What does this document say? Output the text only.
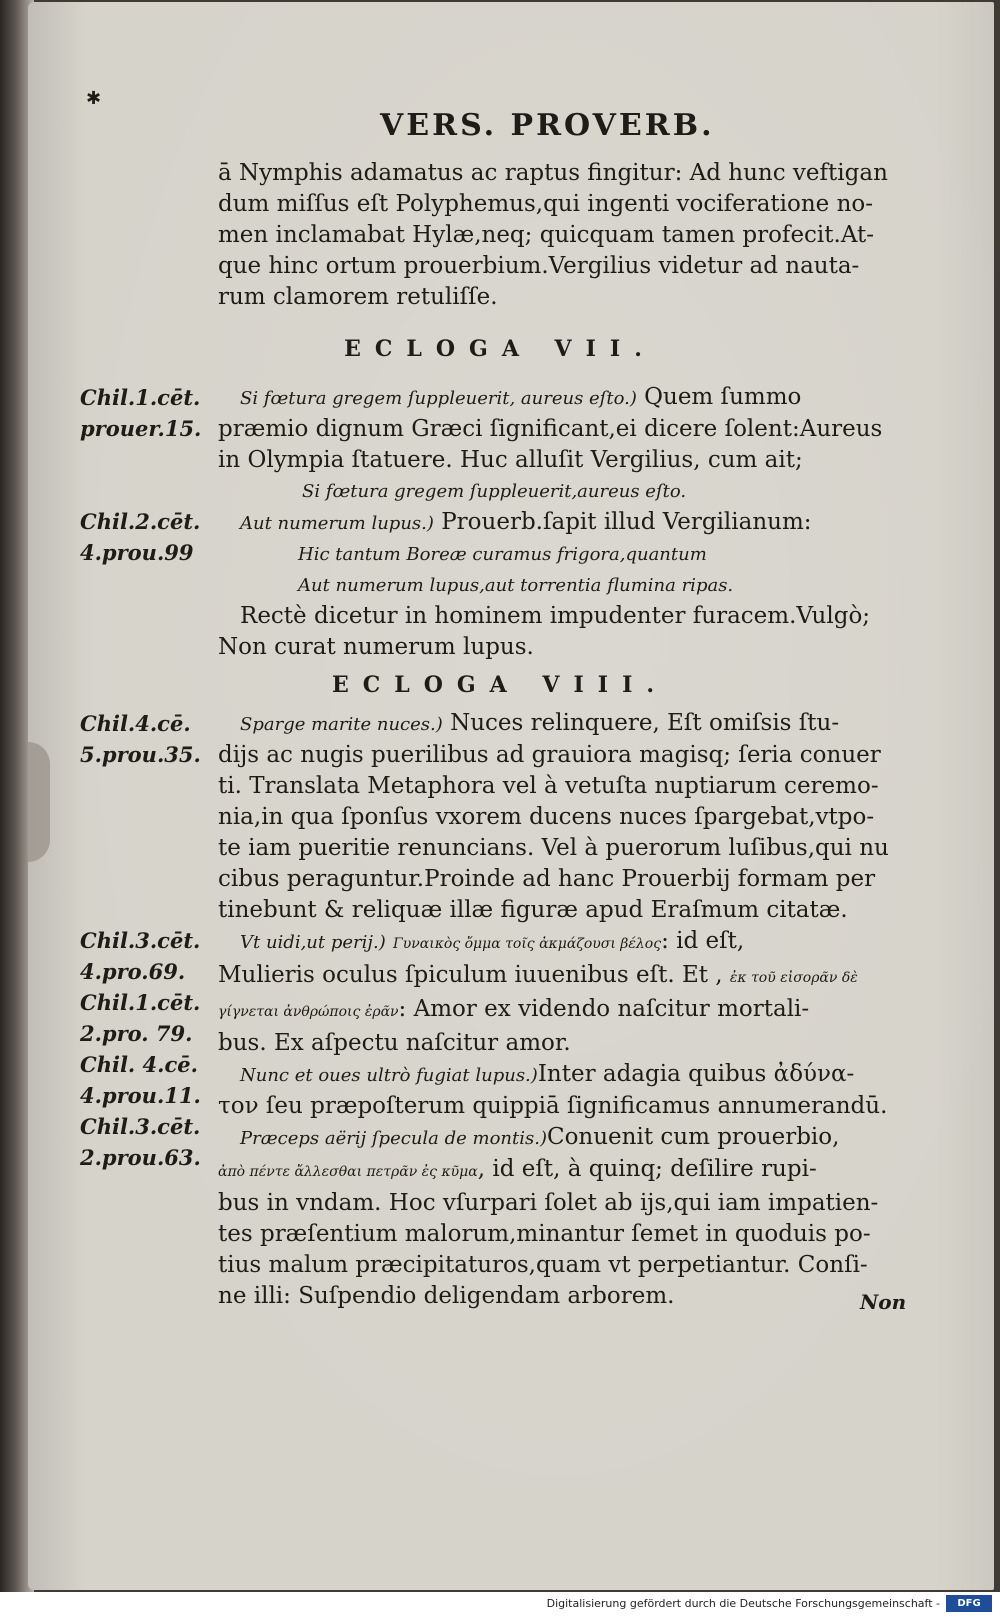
✱
VERS. PROVERB.
ā Nymphis adamatus ac raptus fingitur: Ad hunc veftigan
dum miſſus eſt Polyphemus,qui ingenti vociferatione no-
men inclamabat Hylæ,neq; quicquam tamen profecit.At-
que hinc ortum prouerbium.Vergilius videtur ad nauta-
rum clamorem retuliſſe.
ECLOGA VII.
Si fœtura gregem ſuppleuerit, aureus eſto.) Quem ſummo
præmio dignum Græci ſignificant,ei dicere ſolent:Aureus
in Olympia ſtatuere. Huc alluſit Vergilius, cum ait;
Si fœtura gregem ſuppleuerit,aureus eſto.
Aut numerum lupus.) Prouerb.ſapit illud Vergilianum:
Hic tantum Boreæ curamus frigora,quantum
Aut numerum lupus,aut torrentia flumina ripas.
Rectè dicetur in hominem impudenter furacem.Vulgò;
Non curat numerum lupus.
ECLOGA VIII.
Sparge marite nuces.) Nuces relinquere, Eſt omiſsis ſtu-
dijs ac nugis puerilibus ad grauiora magisq; ſeria conuer
ti. Translata Metaphora vel à vetuſta nuptiarum ceremo-
nia,in qua ſponſus vxorem ducens nuces ſpargebat,vtpo-
te iam pueritie renuncians. Vel à puerorum luſibus,qui nu
cibus peraguntur.Proinde ad hanc Prouerbij formam per
tinebunt & reliquæ illæ figuræ apud Eraſmum citatæ.
Vt uidi,ut perij.) Γυναικὸς ὄμμα τοῖς ἀκμάζουσι βέλος: id eſt,
Mulieris oculus ſpiculum iuuenibus eſt. Et , ἐκ τοῦ εἰσορᾶν δὲ
γίγνεται ἀνθρώποις ἐρᾶν: Amor ex videndo naſcitur mortali-
bus. Ex aſpectu naſcitur amor.
Nunc et oues ultrò fugiat lupus.)Inter adagia quibus ἀδύνα-
τον ſeu præpoſterum quippiā ſignificamus annumerandū.
Præceps aërij ſpecula de montis.)Conuenit cum prouerbio,
ἀπὸ πέντε ἄλλεσθαι πετρᾶν ἐς κῦμα, id eſt, à quinq; deſilire rupi-
bus in vndam. Hoc vſurpari ſolet ab ijs,qui iam impatien-
tes præſentium malorum,minantur ſemet in quoduis po-
tius malum præcipitaturos,quam vt perpetiantur. Conſi-
ne illi: Suſpendio deligendam arborem.
Chil.1.cēt.
prouer.15.
Chil.2.cēt.
4.prou.99
Chil.4.cē.
5.prou.35.
Chil.3.cēt.
4.pro.69.
Chil.1.cēt.
2.pro. 79.
Chil. 4.cē.
4.prou.11.
Chil.3.cēt.
2.prou.63.
Non
Digitalisierung gefördert durch die Deutsche Forschungsgemeinschaft -	DFG
